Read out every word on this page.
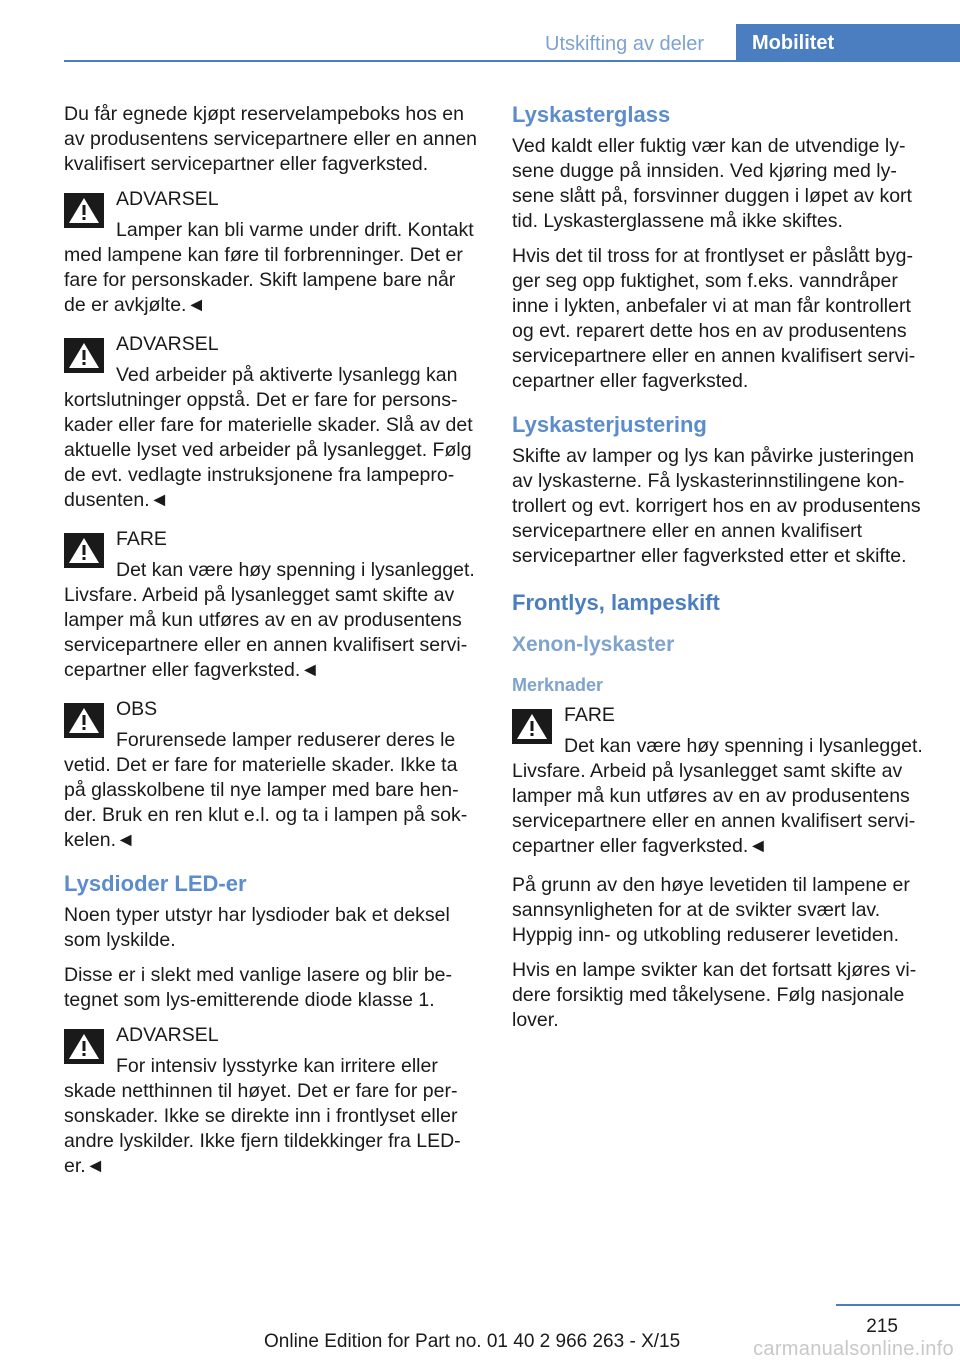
Utskifting av deler	Mobilitet

Du får egnede kjøpt reservelampeboks hos en av produsentens servicepartnere eller en annen kvalifisert servicepartner eller fagverksted.

ADVARSEL
Lamper kan bli varme under drift. Kontakt
med lampene kan føre til forbrenninger. Det er fare for personskader. Skift lampene bare når de er avkjølte.◄
ADVARSEL
Ved arbeider på aktiverte lysanlegg kan
kortslutninger oppstå. Det er fare for personskader eller fare for materielle skader. Slå av det aktuelle lyset ved arbeider på lysanlegget. Følg de evt. vedlagte instruksjonene fra lampeprodusenten.◄
FARE
Det kan være høy spenning i lysanlegget.
Livsfare. Arbeid på lysanlegget samt skifte av lamper må kun utføres av en av produsentens servicepartnere eller en annen kvalifisert servicepartner eller fagverksted.◄
OBS
Forurensede lamper reduserer deres le
vetid. Det er fare for materielle skader. Ikke ta på glasskolbene til nye lamper med bare hender. Bruk en ren klut e.l. og ta i lampen på sokkelen.◄
Lysdioder LED-er

Noen typer utstyr har lysdioder bak et deksel som lyskilde.

Disse er i slekt med vanlige lasere og blir betegnet som lys-emitterende diode klasse 1.

ADVARSEL
For intensiv lysstyrke kan irritere eller
skade netthinnen til høyet. Det er fare for personskader. Ikke se direkte inn i frontlyset eller andre lyskilder. Ikke fjern tildekkinger fra LED-er.◄
Lyskasterglass

Ved kaldt eller fuktig vær kan de utvendige lysene dugge på innsiden. Ved kjøring med lysene slått på, forsvinner duggen i løpet av kort tid. Lyskasterglassene må ikke skiftes.

Hvis det til tross for at frontlyset er påslått bygger seg opp fuktighet, som f.eks. vanndråper inne i lykten, anbefaler vi at man får kontrollert og evt. reparert dette hos en av produsentens servicepartnere eller en annen kvalifisert servicepartner eller fagverksted.

Lyskasterjustering

Skifte av lamper og lys kan påvirke justeringen av lyskasterne. Få lyskasterinnstilingene kontrollert og evt. korrigert hos en av produsentens servicepartnere eller en annen kvalifisert servicepartner eller fagverksted etter et skifte.

Frontlys, lampeskift
Xenon-lyskaster
Merknader
FARE
Det kan være høy spenning i lysanlegget.
Livsfare. Arbeid på lysanlegget samt skifte av lamper må kun utføres av en av produsentens servicepartnere eller en annen kvalifisert servicepartner eller fagverksted.◄

På grunn av den høye levetiden til lampene er sannsynligheten for at de svikter svært lav. Hyppig inn- og utkobling reduserer levetiden.

Hvis en lampe svikter kan det fortsatt kjøres videre forsiktig med tåkelysene. Følg nasjonale lover.

215
Online Edition for Part no. 01 40 2 966 263 - X/15	carmanualsonline.info
